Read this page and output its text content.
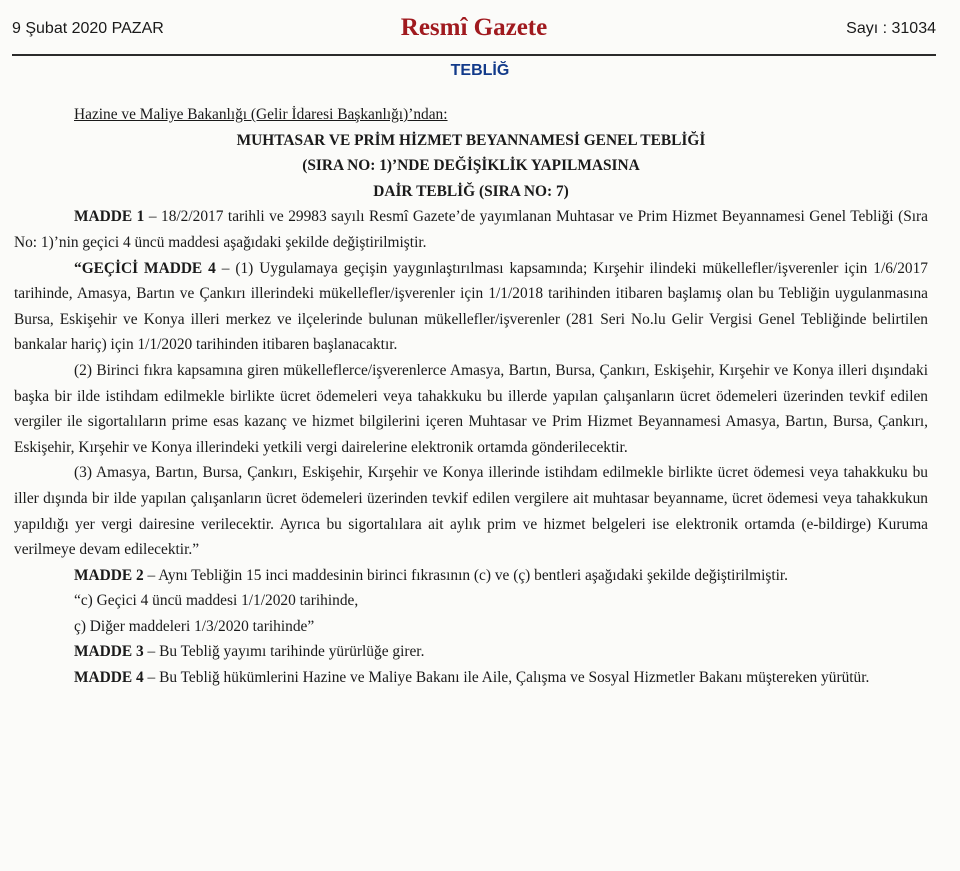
9 Şubat 2020 PAZAR	Resmî Gazete	Sayı : 31034
TEBLİĞ
Hazine ve Maliye Bakanlığı (Gelir İdaresi Başkanlığı)’ndan:
MUHTASAR VE PRİM HİZMET BEYANNAMESİ GENEL TEBLİĞİ
(SIRA NO: 1)’NDE DEĞİŞİKLİK YAPILMASINA
DAİR TEBLİĞ (SIRA NO: 7)

MADDE 1 – 18/2/2017 tarihli ve 29983 sayılı Resmî Gazete’de yayımlanan Muhtasar ve Prim Hizmet Beyannamesi Genel Tebliği (Sıra No: 1)’nin geçici 4 üncü maddesi aşağıdaki şekilde değiştirilmiştir.

“GEÇİCİ MADDE 4 – (1) Uygulamaya geçişin yaygınlaştırılması kapsamında; Kırşehir ilindeki mükellefler/işverenler için 1/6/2017 tarihinde, Amasya, Bartın ve Çankırı illerindeki mükellefler/işverenler için 1/1/2018 tarihinden itibaren başlamış olan bu Tebliğin uygulanmasına Bursa, Eskişehir ve Konya illeri merkez ve ilçelerinde bulunan mükellefler/işverenler (281 Seri No.lu Gelir Vergisi Genel Tebliğinde belirtilen bankalar hariç) için 1/1/2020 tarihinden itibaren başlanacaktır.

(2) Birinci fıkra kapsamına giren mükelleflerce/işverenlerce Amasya, Bartın, Bursa, Çankırı, Eskişehir, Kırşehir ve Konya illeri dışındaki başka bir ilde istihdam edilmekle birlikte ücret ödemeleri veya tahakkuku bu illerde yapılan çalışanların ücret ödemeleri üzerinden tevkif edilen vergiler ile sigortalıların prime esas kazanç ve hizmet bilgilerini içeren Muhtasar ve Prim Hizmet Beyannamesi Amasya, Bartın, Bursa, Çankırı, Eskişehir, Kırşehir ve Konya illerindeki yetkili vergi dairelerine elektronik ortamda gönderilecektir.

(3) Amasya, Bartın, Bursa, Çankırı, Eskişehir, Kırşehir ve Konya illerinde istihdam edilmekle birlikte ücret ödemesi veya tahakkuku bu iller dışında bir ilde yapılan çalışanların ücret ödemeleri üzerinden tevkif edilen vergilere ait muhtasar beyanname, ücret ödemesi veya tahakkukun yapıldığı yer vergi dairesine verilecektir. Ayrıca bu sigortalılara ait aylık prim ve hizmet belgeleri ise elektronik ortamda (e-bildirge) Kuruma verilmeye devam edilecektir.”

MADDE 2 – Aynı Tebliğin 15 inci maddesinin birinci fıkrasının (c) ve (ç) bentleri aşağıdaki şekilde değiştirilmiştir.

“c) Geçici 4 üncü maddesi 1/1/2020 tarihinde,
ç) Diğer maddeleri 1/3/2020 tarihinde”

MADDE 3 – Bu Tebliğ yayımı tarihinde yürürlüğe girer.

MADDE 4 – Bu Tebliğ hükümlerini Hazine ve Maliye Bakanı ile Aile, Çalışma ve Sosyal Hizmetler Bakanı müştereken yürütür.
